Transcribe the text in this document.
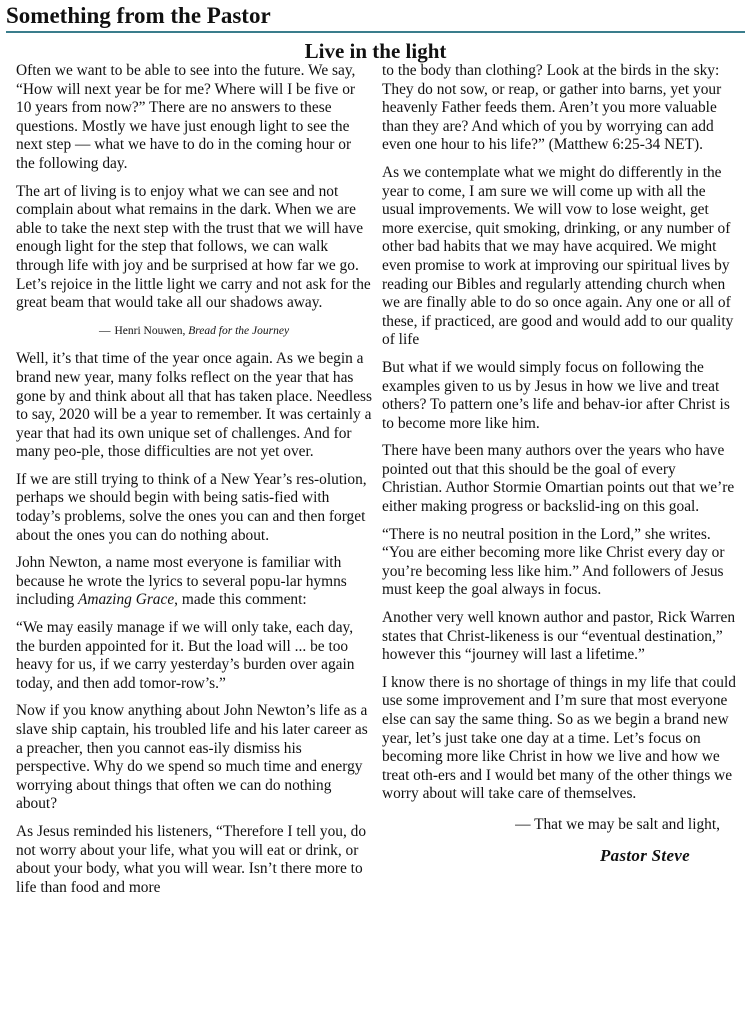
Something from the Pastor
Live in the light

Often we want to be able to see into the future. We say, “How will next year be for me? Where will I be five or 10 years from now?” There are no answers to these questions. Mostly we have just enough light to see the next step — what we have to do in the coming hour or the following day.

The art of living is to enjoy what we can see and not complain about what remains in the dark. When we are able to take the next step with the trust that we will have enough light for the step that follows, we can walk through life with joy and be surprised at how far we go. Let’s rejoice in the little light we carry and not ask for the great beam that would take all our shadows away.

— Henri Nouwen, Bread for the Journey

Well, it’s that time of the year once again. As we begin a brand new year, many folks reflect on the year that has gone by and think about all that has taken place. Needless to say, 2020 will be a year to remember. It was certainly a year that had its own unique set of challenges. And for many peo-ple, those difficulties are not yet over.

If we are still trying to think of a New Year’s res-olution, perhaps we should begin with being satis-fied with today’s problems, solve the ones you can and then forget about the ones you can do nothing about.

John Newton, a name most everyone is familiar with because he wrote the lyrics to several popu-lar hymns including Amazing Grace, made this comment:

“We may easily manage if we will only take, each day, the burden appointed for it. But the load will ... be too heavy for us, if we carry yesterday’s burden over again today, and then add tomor-row’s.”

Now if you know anything about John Newton’s life as a slave ship captain, his troubled life and his later career as a preacher, then you cannot eas-ily dismiss his perspective. Why do we spend so much time and energy worrying about things that often we can do nothing about?

As Jesus reminded his listeners, “Therefore I tell you, do not worry about your life, what you will eat or drink, or about your body, what you will wear. Isn’t there more to life than food and more

to the body than clothing? Look at the birds in the sky: They do not sow, or reap, or gather into barns, yet your heavenly Father feeds them. Aren’t you more valuable than they are? And which of you by worrying can add even one hour to his life?” (Matthew 6:25-34 NET).

As we contemplate what we might do differently in the year to come, I am sure we will come up with all the usual improvements. We will vow to lose weight, get more exercise, quit smoking, drinking, or any number of other bad habits that we may have acquired. We might even promise to work at improving our spiritual lives by reading our Bibles and regularly attending church when we are finally able to do so once again. Any one or all of these, if practiced, are good and would add to our quality of life

But what if we would simply focus on following the examples given to us by Jesus in how we live and treat others? To pattern one’s life and behav-ior after Christ is to become more like him.

There have been many authors over the years who have pointed out that this should be the goal of every Christian. Author Stormie Omartian points out that we’re either making progress or backslid-ing on this goal.

“There is no neutral position in the Lord,” she writes. “You are either becoming more like Christ every day or you’re becoming less like him.” And followers of Jesus must keep the goal always in focus.

Another very well known author and pastor, Rick Warren states that Christ-likeness is our “eventual destination,” however this “journey will last a lifetime.”

I know there is no shortage of things in my life that could use some improvement and I’m sure that most everyone else can say the same thing. So as we begin a brand new year, let’s just take one day at a time. Let’s focus on becoming more like Christ in how we live and how we treat oth-ers and I would bet many of the other things we worry about will take care of themselves.

— That we may be salt and light,

Pastor Steve
